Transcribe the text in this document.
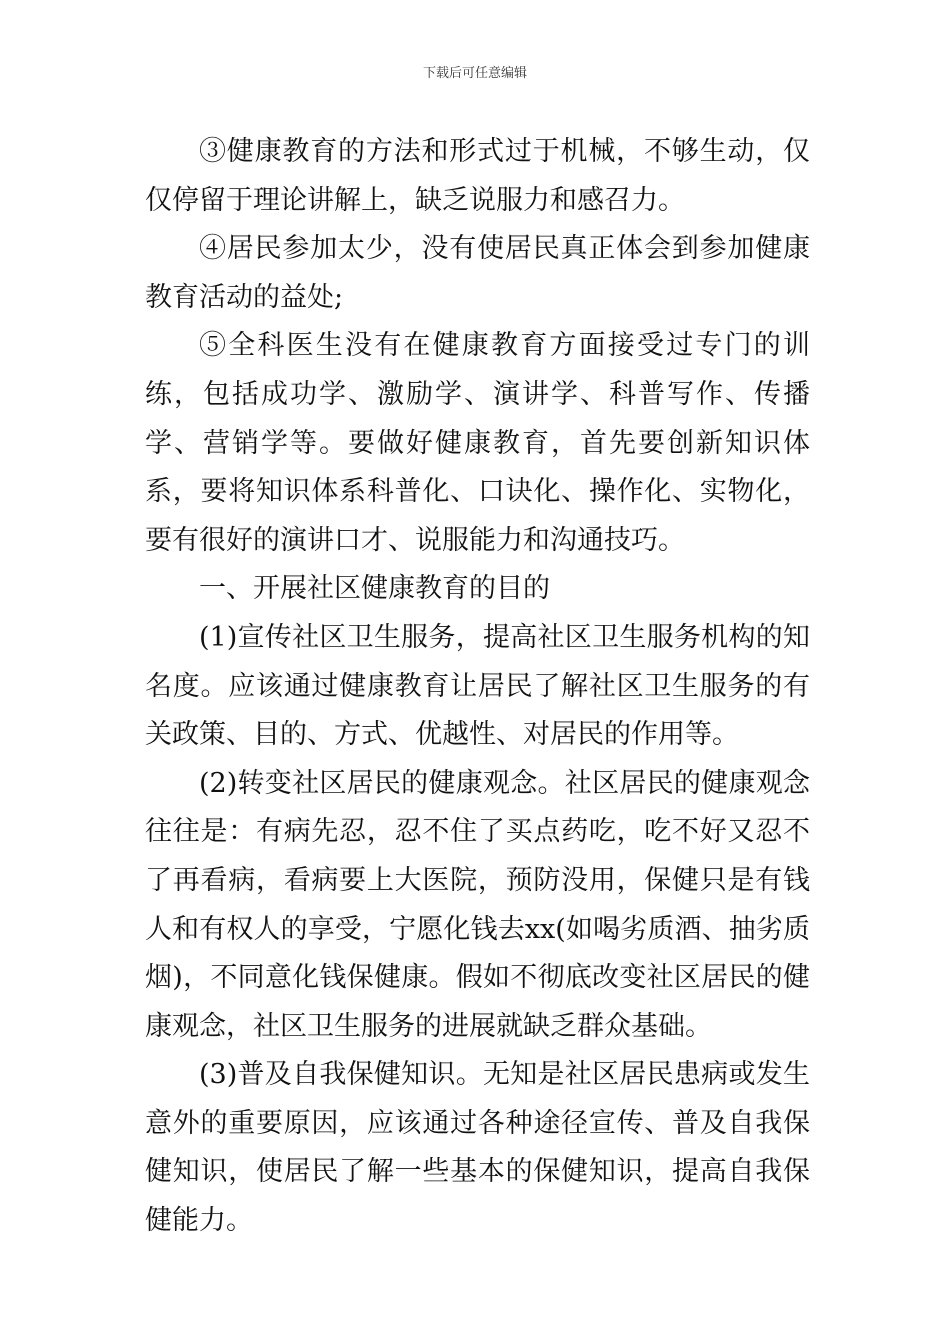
下载后可任意编辑

③健康教育的方法和形式过于机械，不够生动，仅仅停留于理论讲解上，缺乏说服力和感召力。

④居民参加太少，没有使居民真正体会到参加健康教育活动的益处;

⑤全科医生没有在健康教育方面接受过专门的训练，包括成功学、激励学、演讲学、科普写作、传播学、营销学等。要做好健康教育，首先要创新知识体系，要将知识体系科普化、口诀化、操作化、实物化，要有很好的演讲口才、说服能力和沟通技巧。

一、开展社区健康教育的目的

(1)宣传社区卫生服务，提高社区卫生服务机构的知名度。应该通过健康教育让居民了解社区卫生服务的有关政策、目的、方式、优越性、对居民的作用等。

(2)转变社区居民的健康观念。社区居民的健康观念往往是：有病先忍，忍不住了买点药吃，吃不好又忍不了再看病，看病要上大医院，预防没用，保健只是有钱人和有权人的享受，宁愿化钱去xx(如喝劣质酒、抽劣质烟)，不同意化钱保健康。假如不彻底改变社区居民的健康观念，社区卫生服务的进展就缺乏群众基础。

(3)普及自我保健知识。无知是社区居民患病或发生意外的重要原因，应该通过各种途径宣传、普及自我保健知识，使居民了解一些基本的保健知识，提高自我保健能力。
